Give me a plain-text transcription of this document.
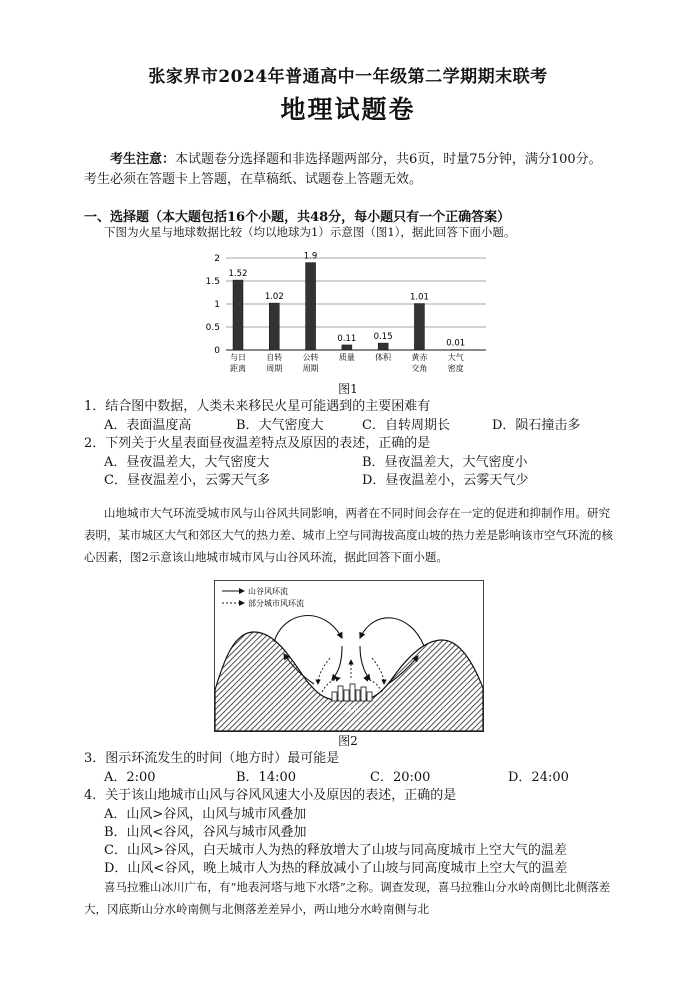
张家界市2024年普通高中一年级第二学期期末联考
地理试题卷
考生注意：本试题卷分选择题和非选择题两部分，共6页，时量75分钟，满分100分。考生必须在答题卡上答题，在草稿纸、试题卷上答题无效。
一、选择题（本大题包括16个小题，共48分，每小题只有一个正确答案）
下图为火星与地球数据比较（均以地球为1）示意图（图1），据此回答下面小题。
0
0.5
1
1.5
2
1.52
1.02
1.9
0.11 0.15
1.01
0.01
与日距离
自转周期
公转周期
质量	体积	黄赤交角
大气密度
图1
1．结合图中数据，人类未来移民火星可能遇到的主要困难有
A．表面温度高	B．大气密度大	C．自转周期长	D．陨石撞击多
2．下列关于火星表面昼夜温差特点及原因的表述，正确的是
A．昼夜温差大，大气密度大	B．昼夜温差大，大气密度小
C．昼夜温差小，云雾天气多	D．昼夜温差小，云雾天气少
山地城市大气环流受城市风与山谷风共同影响，两者在不同时间会存在一定的促进和抑制作用。研究表明，某市城区大气和郊区大气的热力差、城市上空与同海拔高度山坡的热力差是影响该市空气环流的核心因素，图2示意该山地城市城市风与山谷风环流，据此回答下面小题。
山谷风环流
部分城市风环流
城市
图2
3．图示环流发生的时间（地方时）最可能是
A．2:00	B．14:00	C．20:00	D．24:00
4．关于该山地城市山风与谷风风速大小及原因的表述，正确的是
A．山风>谷风，山风与城市风叠加
B．山风<谷风，谷风与城市风叠加
C．山风>谷风，白天城市人为热的释放增大了山坡与同高度城市上空大气的温差
D．山风<谷风，晚上城市人为热的释放减小了山坡与同高度城市上空大气的温差
喜马拉雅山冰川广布，有“地表河塔与地下水塔”之称。调查发现，喜马拉雅山分水岭南侧比北侧落差大，冈底斯山分水岭南侧与北侧落差差异小，两山地分水岭南侧与北
